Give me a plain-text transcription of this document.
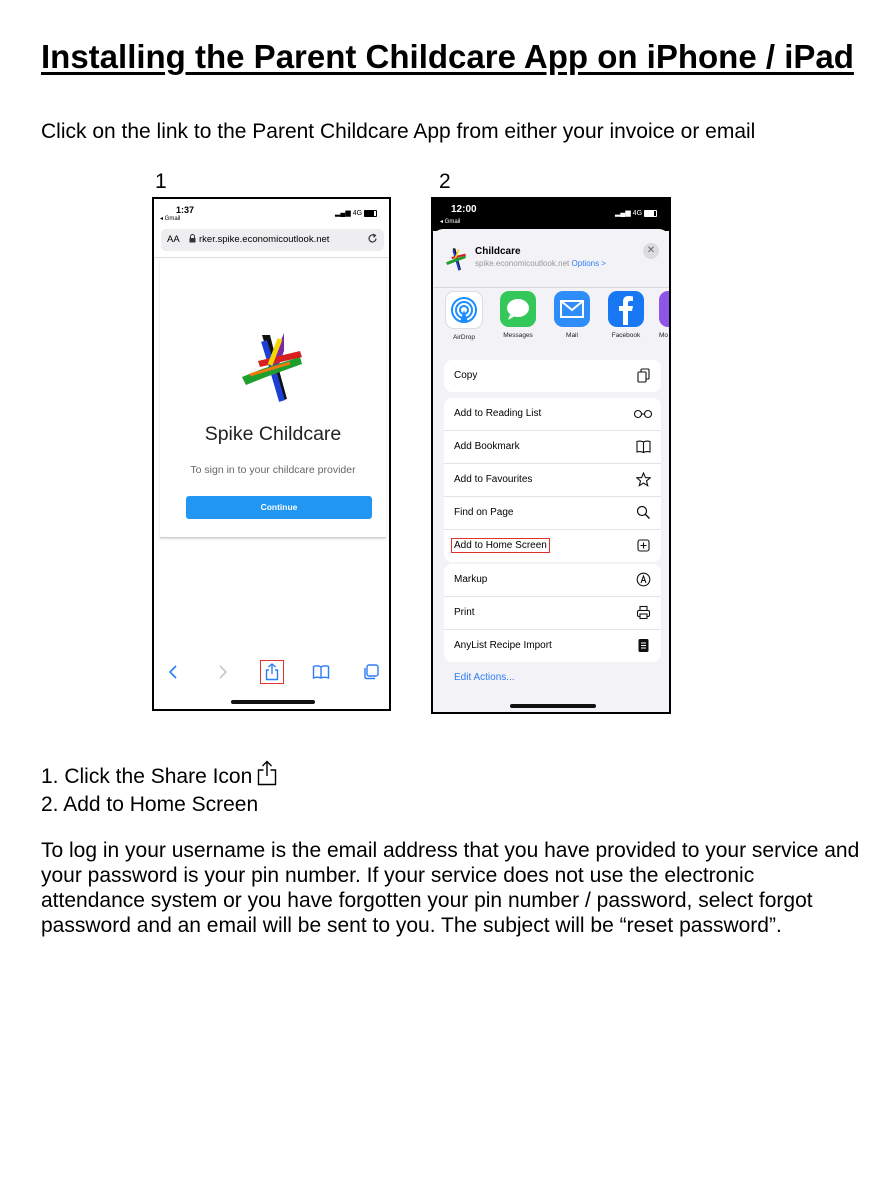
Installing the Parent Childcare App on iPhone / iPad
Click on the link to the Parent Childcare App from either your invoice or email
1	2
1:37
◂ Gmail
▂▄▆ 4G
AA rker.spike.economicoutlook.net
Spike Childcare
To sign in to your childcare provider
Continue
12:00
◂ Gmail
▂▄▆ 4G
Childcare
spike.economicoutlook.net Options >
✕
AirDrop	Messages	Mail	Facebook	Mo
Copy
Add to Reading List
Add Bookmark
Add to Favourites
Find on Page
Add to Home Screen
Markup
Print
AnyList Recipe Import
Edit Actions...
1. Click the Share Icon
2. Add to Home Screen
To log in your username is the email address that you have provided to your service and your password is your pin number. If your service does not use the electronic attendance system or you have forgotten your pin number / password, select forgot password and an email will be sent to you. The subject will be “reset password”.
